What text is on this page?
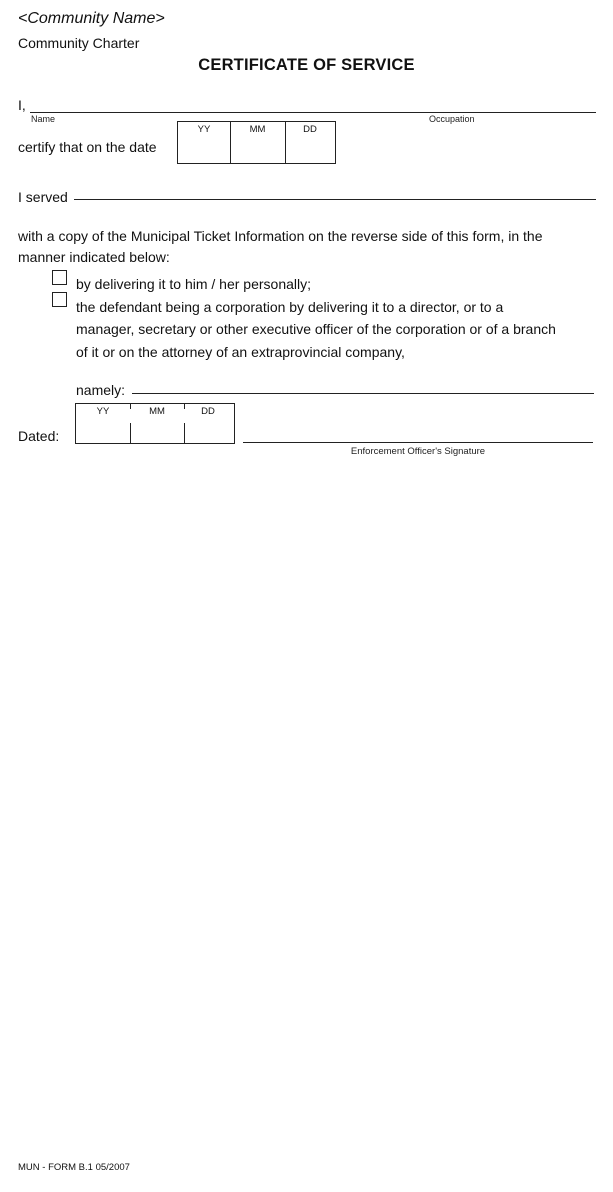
<Community Name>
Community Charter
CERTIFICATE OF SERVICE
I,
Name	Occupation
certify that on the date
YY	MM	DD
I served
with a copy of the Municipal Ticket Information on the reverse side of this form, in the
manner indicated below:
by delivering it to him / her personally;
the defendant being a corporation by delivering it to a director, or to a
manager, secretary or other executive officer of the corporation or of a branch
of it or on the attorney of an extraprovincial company,
namely:
Dated:
YY	MM	DD
Enforcement Officer's Signature
MUN - FORM B.1 05/2007
